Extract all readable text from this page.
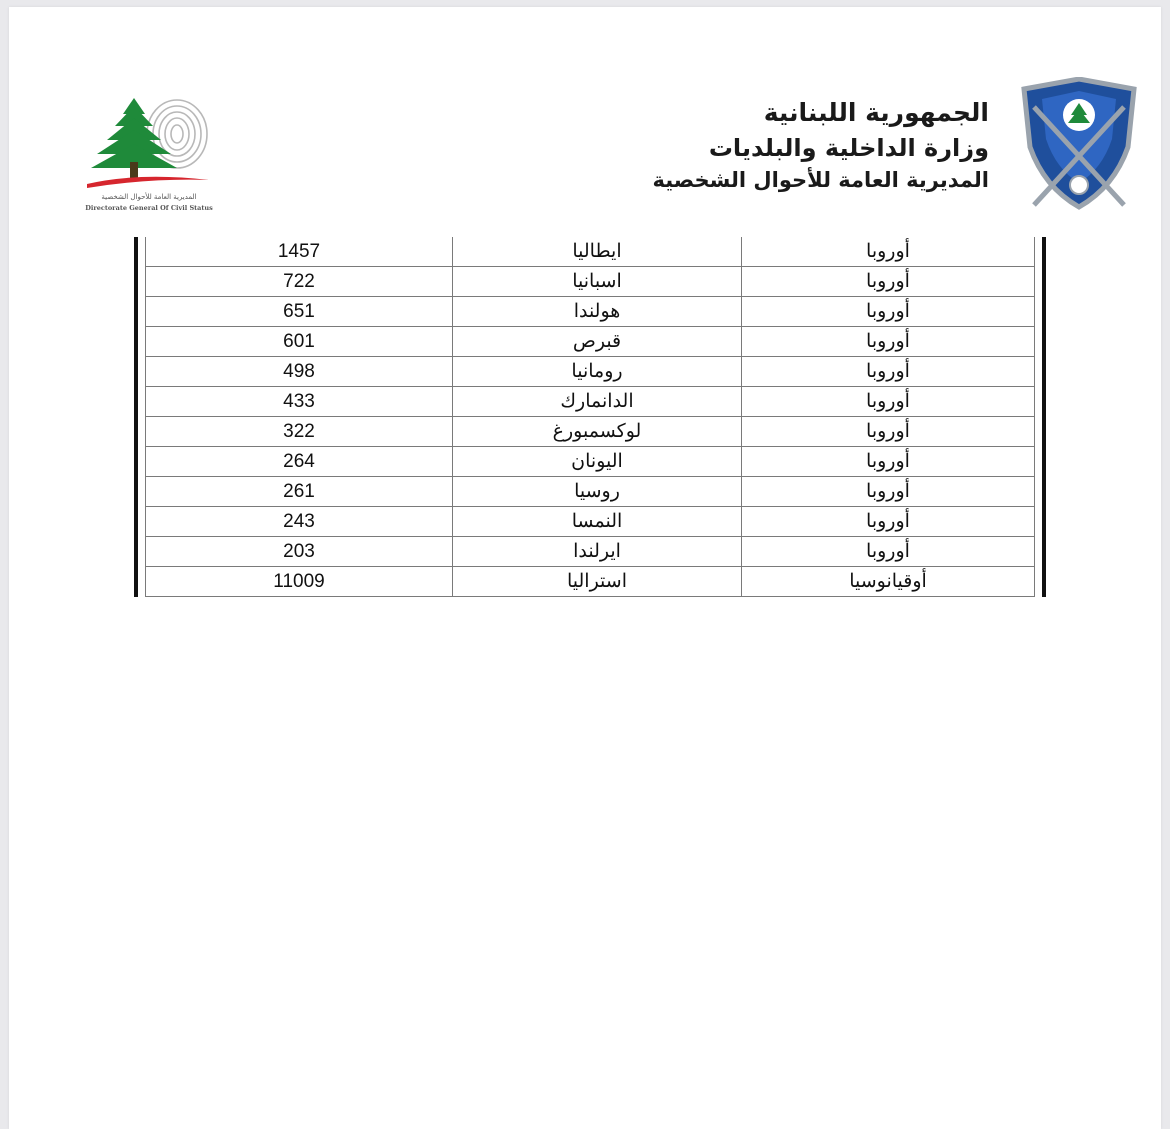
المديرية العامة للأحوال الشخصية
Directorate General Of Civil Status
الجمهورية اللبنانية
وزارة الداخلية والبلديات
المديرية العامة للأحوال الشخصية
أوروبا	ايطاليا	1457
أوروبا	اسبانيا	722
أوروبا	هولندا	651
أوروبا	قبرص	601
أوروبا	رومانيا	498
أوروبا	الدانمارك	433
أوروبا	لوكسمبورغ	322
أوروبا	اليونان	264
أوروبا	روسيا	261
أوروبا	النمسا	243
أوروبا	ايرلندا	203
أوقيانوسيا	استراليا	11009
